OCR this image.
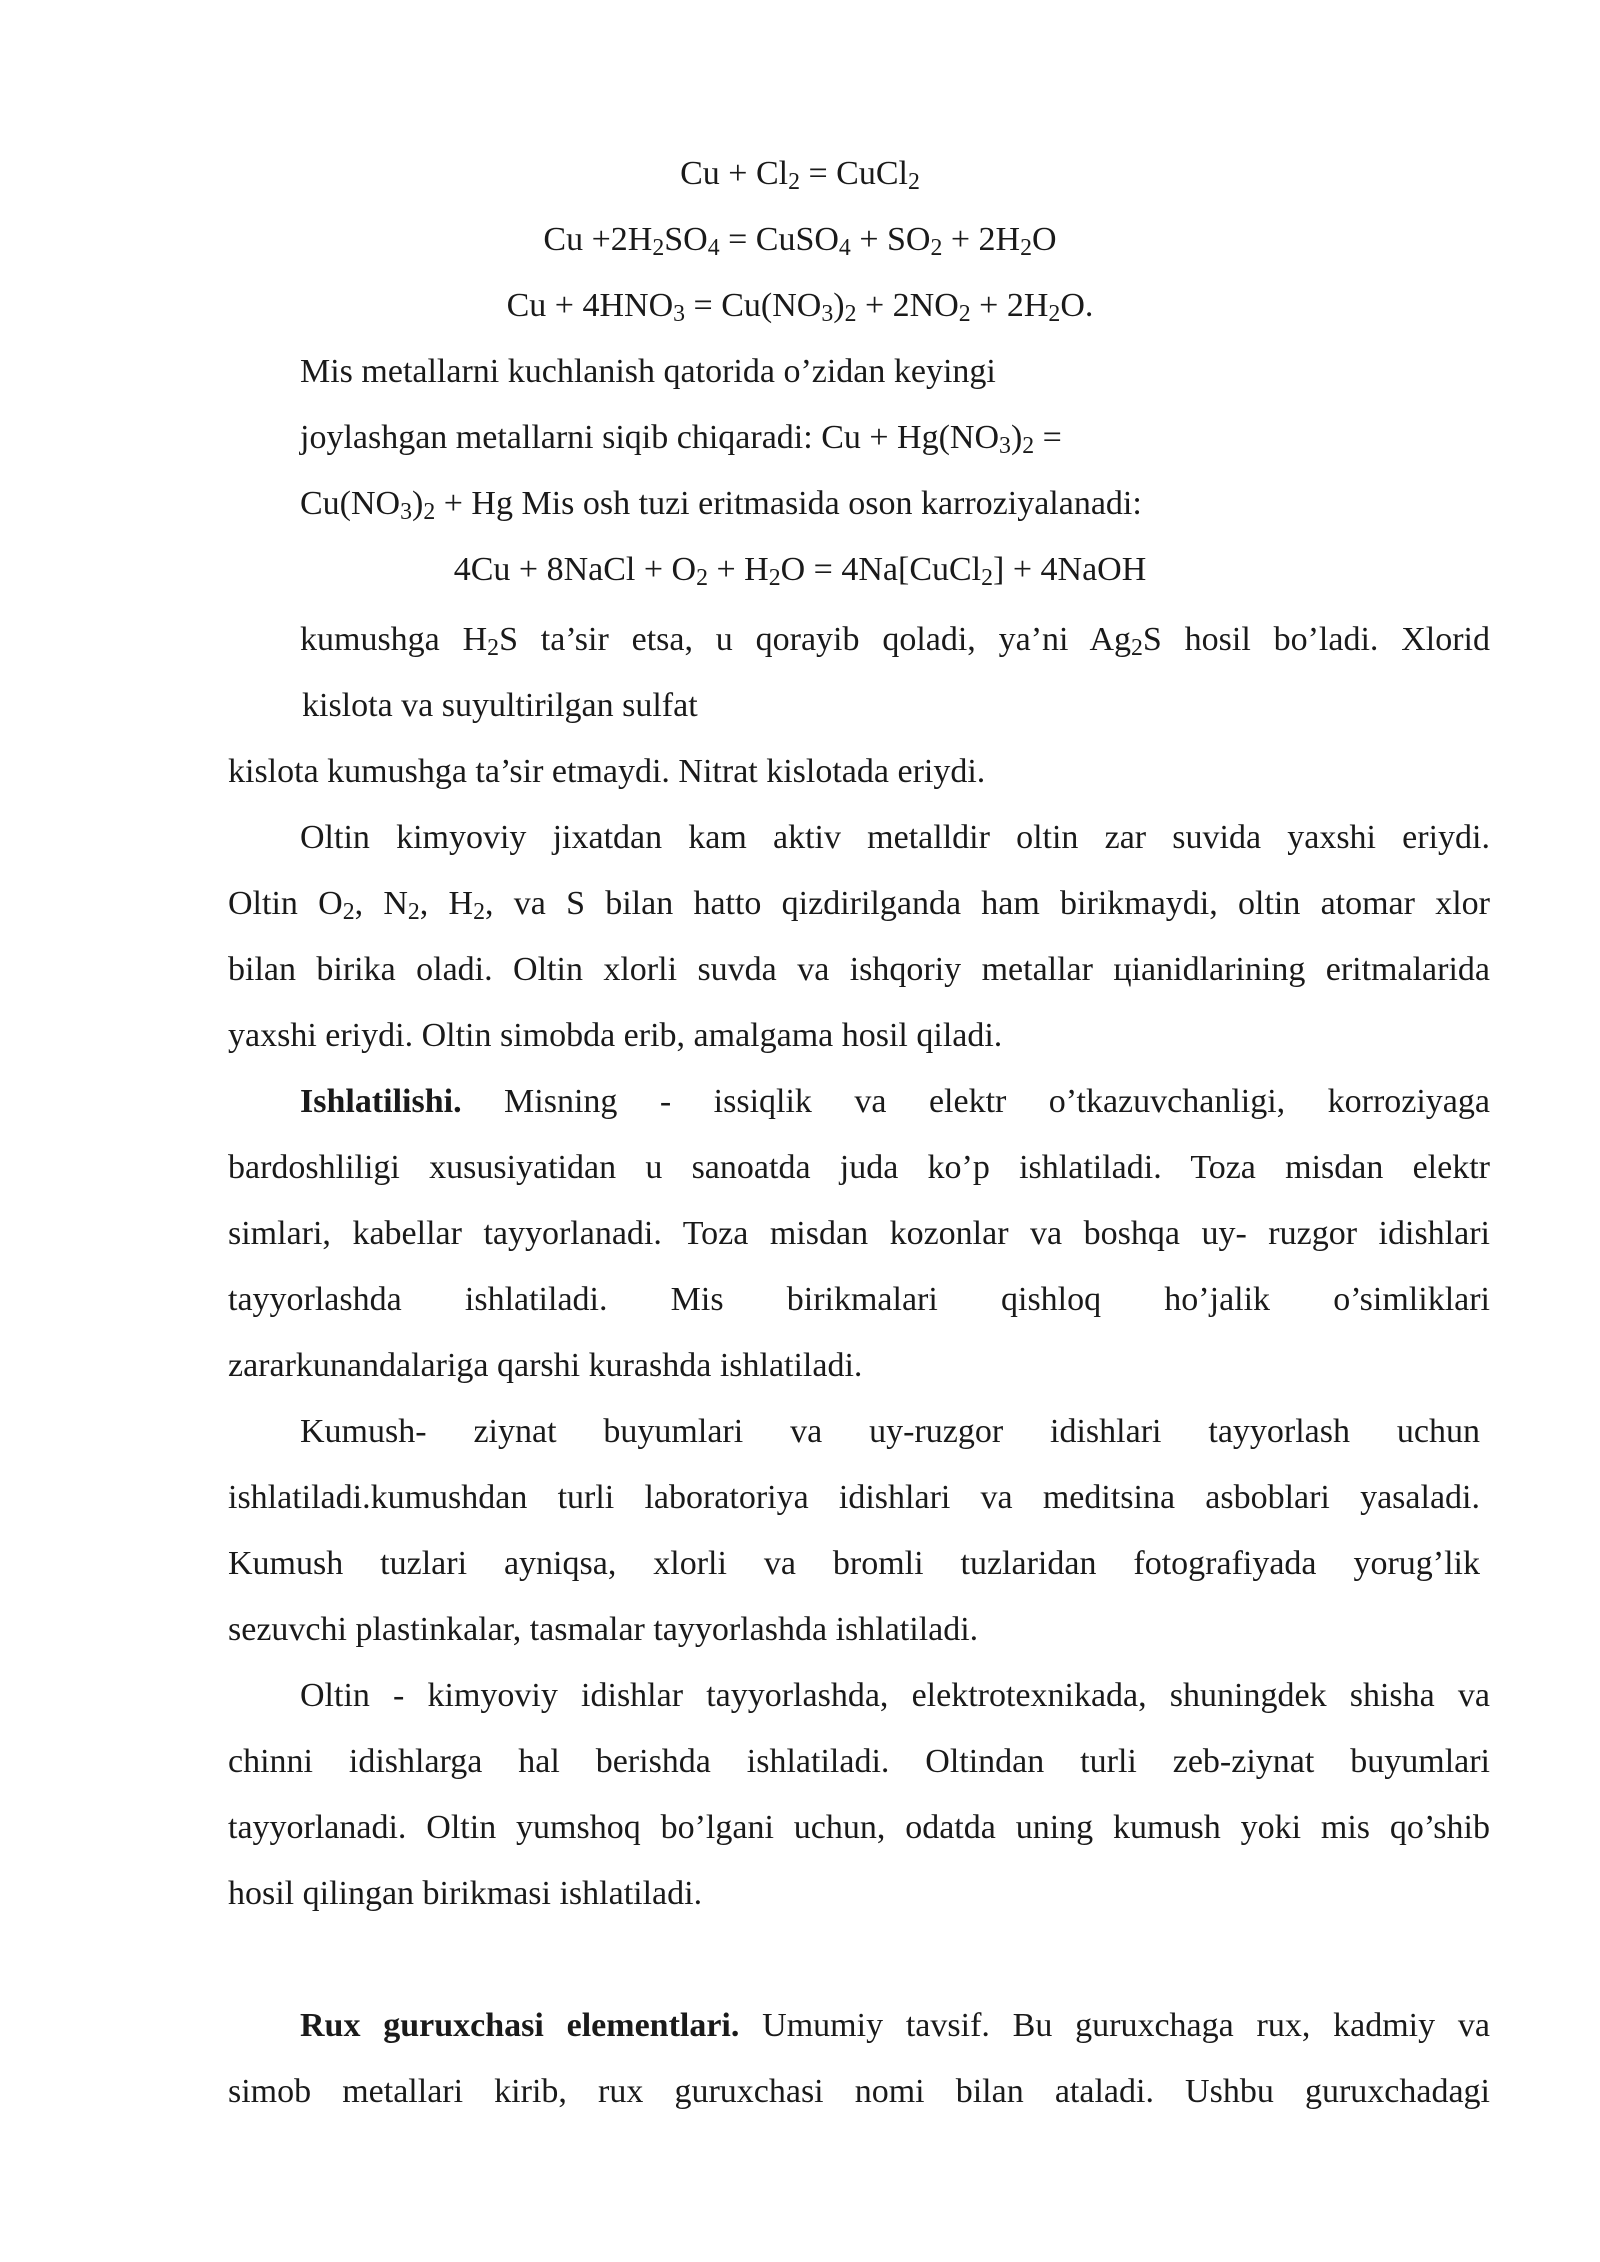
$Cu + Cl_2$ = CuCl$_2$
$Cu +2H_2SO_4$ = CuSO$_4$ + $SO_2 + 2H_2O$
$Cu + 4HNO_3 = Cu(NO_3)_2 + 2NO_2 + 2H_2O$.
Mis metallarni kuchlanish qatorida o’zidan keyingi
joylashgan metallarni siqib chiqaradi: $Cu + Hg(NO_3)_2$ =
$Cu(NO_3)_2 + Hg$ Mis osh tuzi eritmasida oson karroziyalanadi:
4Cu + 8NaCl + $O_2 + H_2O$ = 4Na[CuCl$_2$] + 4NaOH
kumushga $H_2S$ ta’sir etsa, u qorayib qoladi, ya’ni $Ag_2S$ hosil bo’ladi. Xlorid
kislota va suyultirilgan sulfat
kislota kumushga ta’sir etmaydi. Nitrat kislotada eriydi.
Oltin kimyoviy jixatdan kam aktiv metalldir oltin zar suvida yaxshi eriydi.
Oltin $O_2$, $N_2$, $H_2$, va S bilan hatto qizdirilganda ham birikmaydi, oltin atomar xlor
bilan birika oladi. Oltin xlorli suvda va ishqoriy metallar цianidlarining eritmalarida
yaxshi eriydi. Oltin simobda erib, amalgama hosil qiladi.
Ishlatilishi. Misning - issiqlik va elektr o’tkazuvchanligi, korroziyaga
bardoshliligi xususiyatidan u sanoatda juda ko’p ishlatiladi. Toza misdan elektr
simlari, kabellar tayyorlanadi. Toza misdan kozonlar va boshqa uy- ruzgor idishlari
tayyorlashda ishlatiladi. Mis birikmalari qishloq ho’jalik o’simliklari
zararkunandalariga qarshi kurashda ishlatiladi.
Kumush- ziynat buyumlari va uy-ruzgor idishlari tayyorlash uchun
ishlatiladi.kumushdan turli laboratoriya idishlari va meditsina asboblari yasaladi.
Kumush tuzlari ayniqsa, xlorli va bromli tuzlaridan fotografiyada yorug’lik
sezuvchi plastinkalar, tasmalar tayyorlashda ishlatiladi.
Oltin - kimyoviy idishlar tayyorlashda, elektrotexnikada, shuningdek shisha va
chinni idishlarga hal berishda ishlatiladi. Oltindan turli zeb-ziynat buyumlari
tayyorlanadi. Oltin yumshoq bo’lgani uchun, odatda uning kumush yoki mis qo’shib
hosil qilingan birikmasi ishlatiladi.
Rux guruxchasi elementlari. Umumiy tavsif. Bu guruxchaga rux, kadmiy va
simob metallari kirib, rux guruxchasi nomi bilan ataladi. Ushbu guruxchadagi
